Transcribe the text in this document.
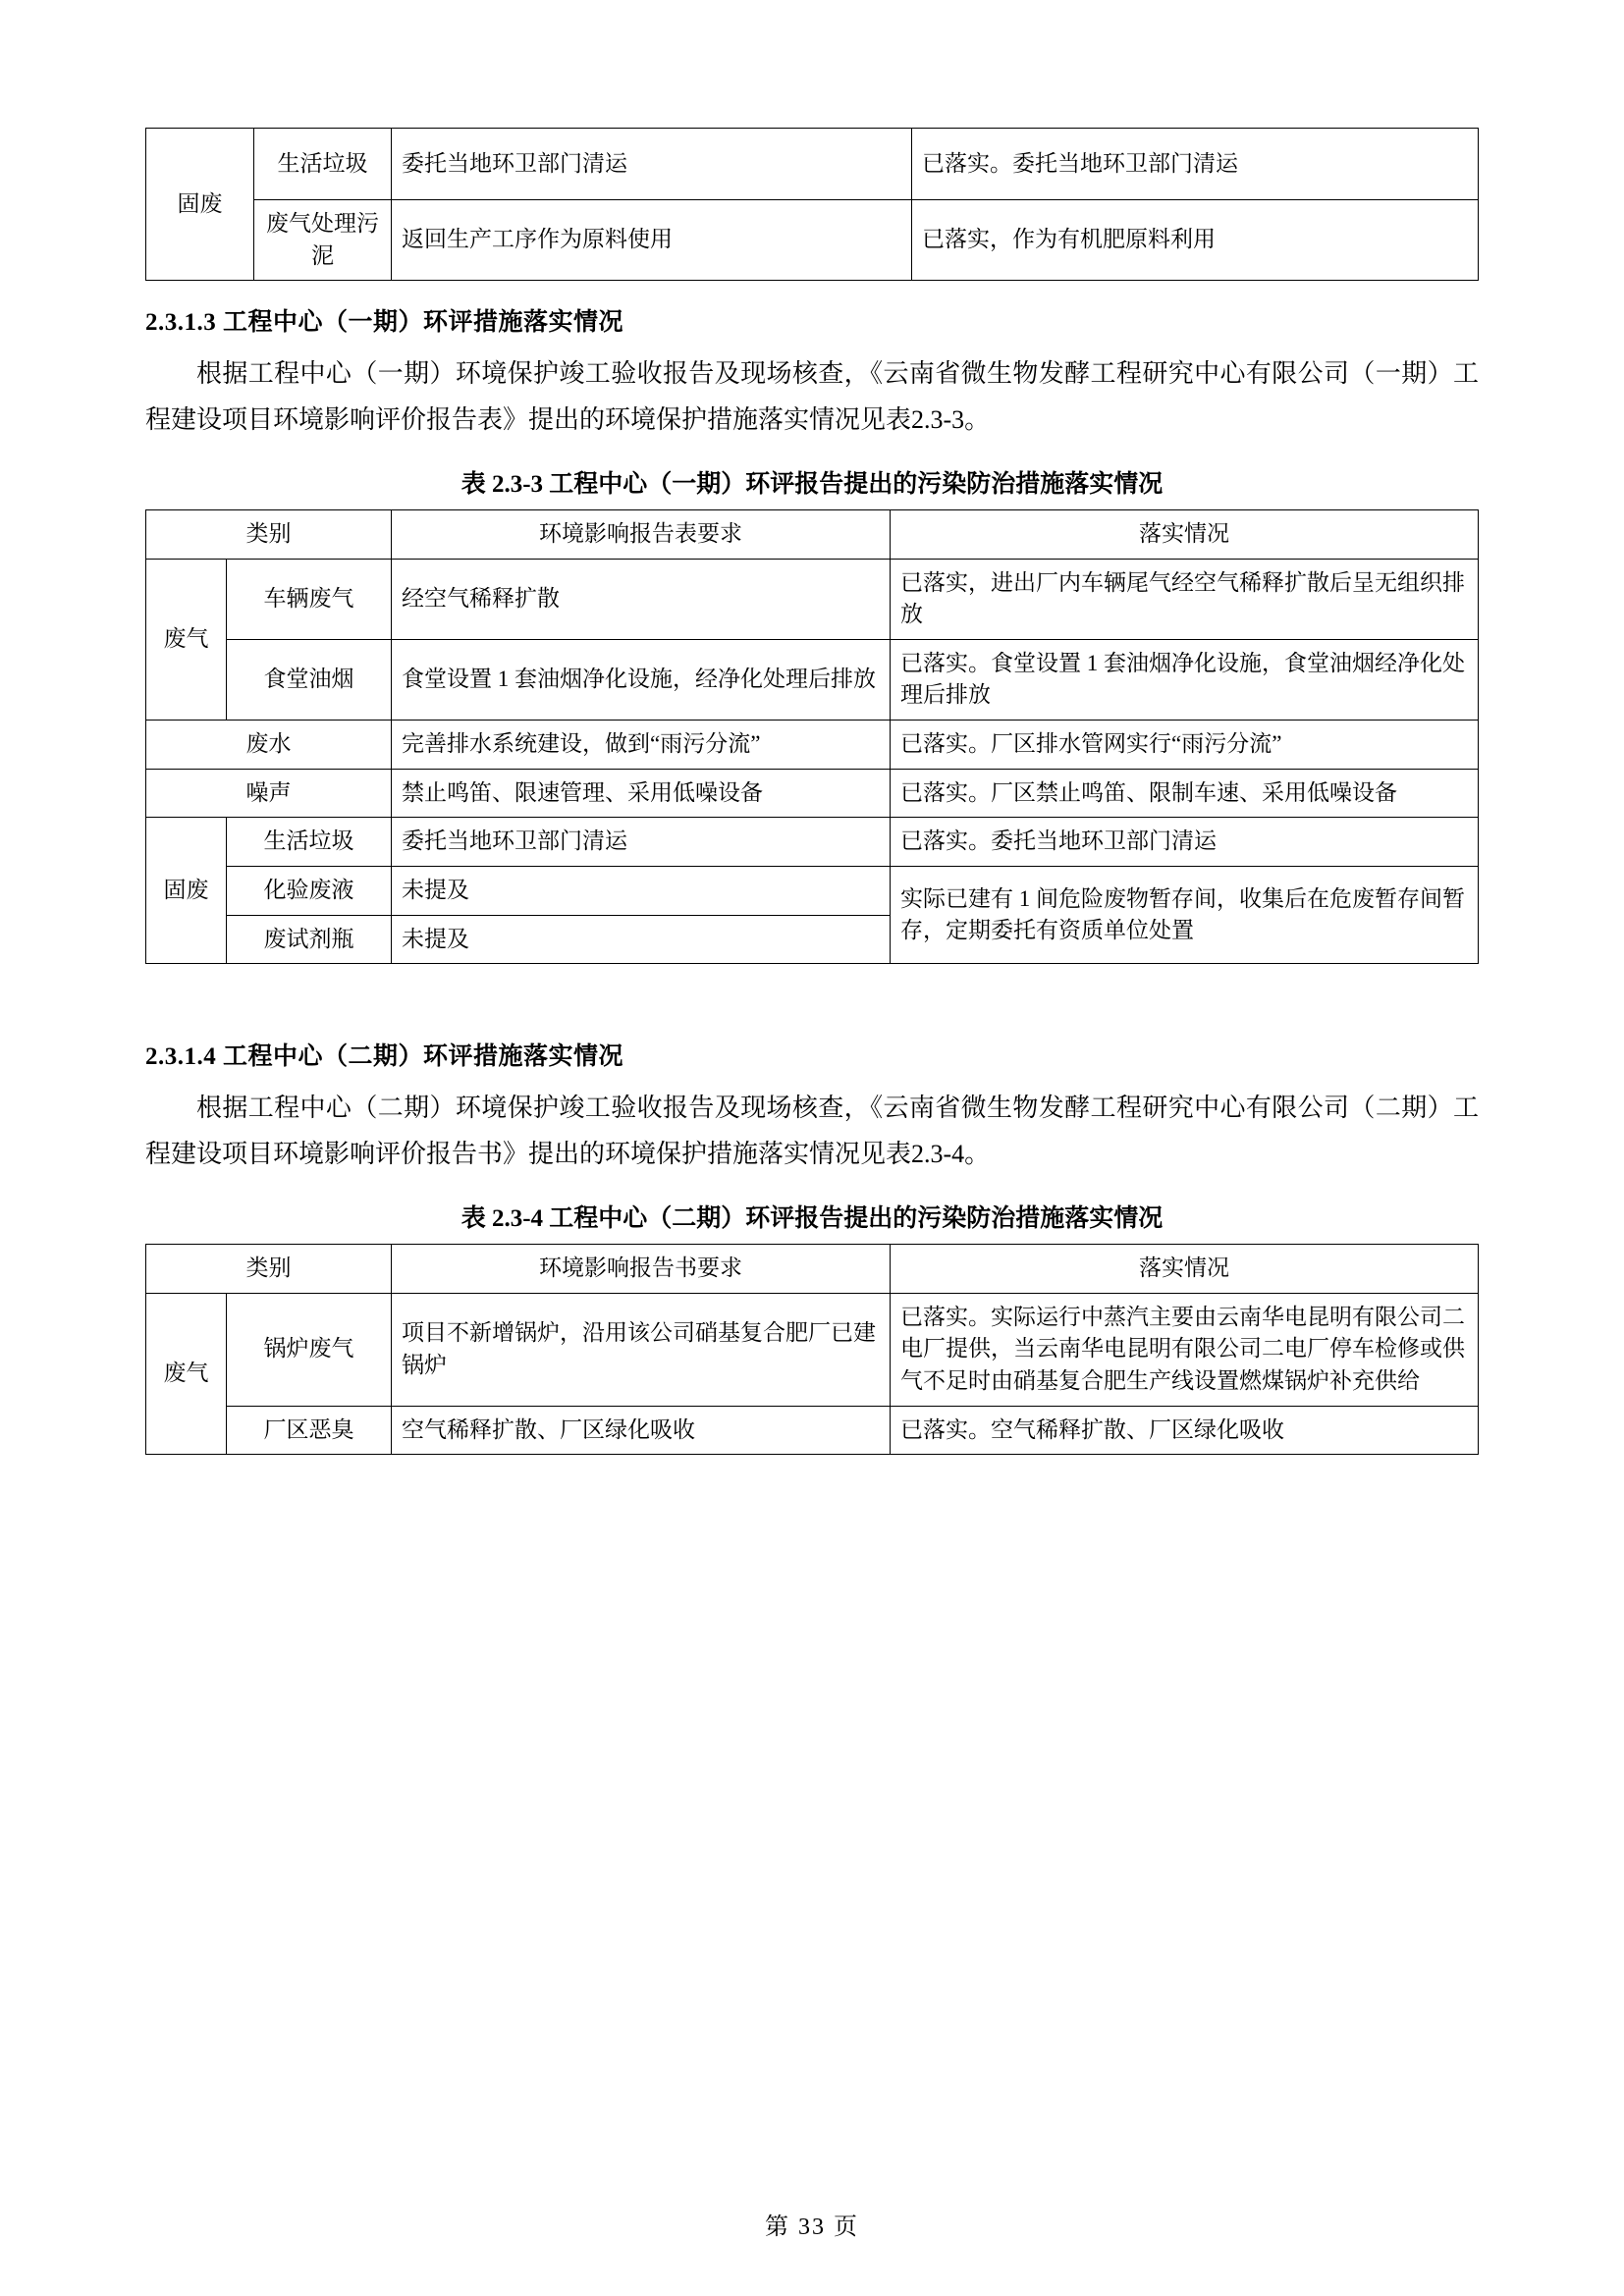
固废	生活垃圾	委托当地环卫部门清运	已落实。委托当地环卫部门清运
	废气处理污泥	返回生产工序作为原料使用	已落实，作为有机肥原料利用
2.3.1.3 工程中心（一期）环评措施落实情况

根据工程中心（一期）环境保护竣工验收报告及现场核查，《云南省微生物发酵工程研究中心有限公司（一期）工程建设项目环境影响评价报告表》提出的环境保护措施落实情况见表2.3-3。

表 2.3-3 工程中心（一期）环评报告提出的污染防治措施落实情况

类别		环境影响报告表要求	落实情况
废气	车辆废气	经空气稀释扩散	已落实，进出厂内车辆尾气经空气稀释扩散后呈无组织排放
	食堂油烟	食堂设置 1 套油烟净化设施，经净化处理后排放	已落实。食堂设置 1 套油烟净化设施，食堂油烟经净化处理后排放
废水		完善排水系统建设，做到“雨污分流”	已落实。厂区排水管网实行“雨污分流”
噪声		禁止鸣笛、限速管理、采用低噪设备	已落实。厂区禁止鸣笛、限制车速、采用低噪设备
固废	生活垃圾	委托当地环卫部门清运	已落实。委托当地环卫部门清运
	化验废液	未提及	实际已建有 1 间危险废物暂存间，收集后在危废暂存间暂存，定期委托有资质单位处置
	废试剂瓶	未提及	
2.3.1.4 工程中心（二期）环评措施落实情况

根据工程中心（二期）环境保护竣工验收报告及现场核查，《云南省微生物发酵工程研究中心有限公司（二期）工程建设项目环境影响评价报告书》提出的环境保护措施落实情况见表2.3-4。

表 2.3-4 工程中心（二期）环评报告提出的污染防治措施落实情况

类别		环境影响报告书要求	落实情况
废气	锅炉废气	项目不新增锅炉，沿用该公司硝基复合肥厂已建锅炉	已落实。实际运行中蒸汽主要由云南华电昆明有限公司二电厂提供，当云南华电昆明有限公司二电厂停车检修或供气不足时由硝基复合肥生产线设置燃煤锅炉补充供给
	厂区恶臭	空气稀释扩散、厂区绿化吸收	已落实。空气稀释扩散、厂区绿化吸收
第 33 页
